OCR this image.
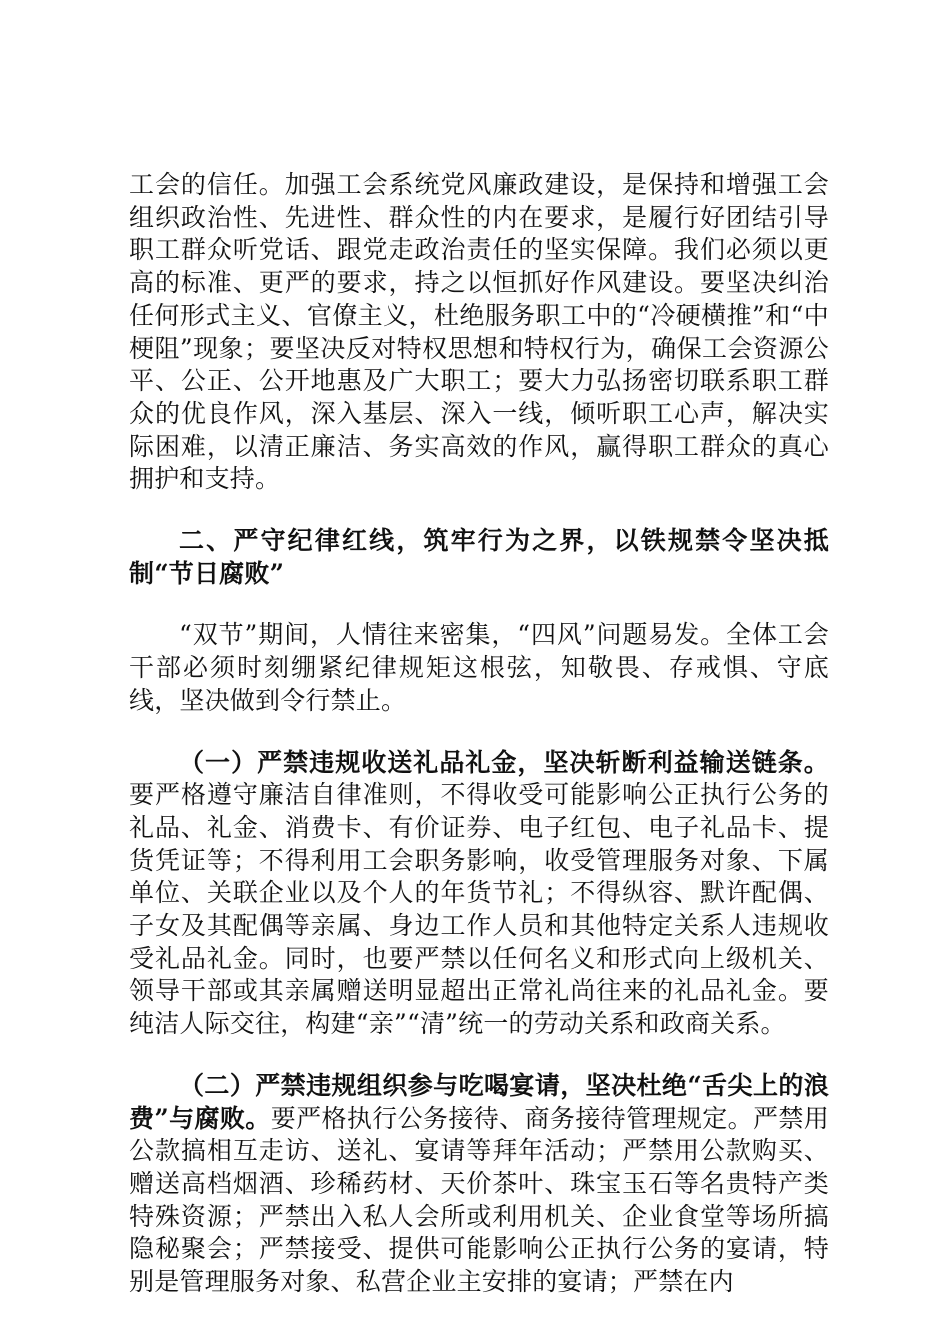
工会的信任。加强工会系统党风廉政建设，是保持和增强工会组织政治性、先进性、群众性的内在要求，是履行好团结引导职工群众听党话、跟党走政治责任的坚实保障。我们必须以更高的标准、更严的要求，持之以恒抓好作风建设。要坚决纠治任何形式主义、官僚主义，杜绝服务职工中的“冷硬横推”和“中梗阻”现象；要坚决反对特权思想和特权行为，确保工会资源公平、公正、公开地惠及广大职工；要大力弘扬密切联系职工群众的优良作风，深入基层、深入一线，倾听职工心声，解决实际困难，以清正廉洁、务实高效的作风，赢得职工群众的真心拥护和支持。

二、严守纪律红线，筑牢行为之界，以铁规禁令坚决抵制“节日腐败”

“双节”期间，人情往来密集，“四风”问题易发。全体工会干部必须时刻绷紧纪律规矩这根弦，知敬畏、存戒惧、守底线，坚决做到令行禁止。

（一）严禁违规收送礼品礼金，坚决斩断利益输送链条。要严格遵守廉洁自律准则，不得收受可能影响公正执行公务的礼品、礼金、消费卡、有价证券、电子红包、电子礼品卡、提货凭证等；不得利用工会职务影响，收受管理服务对象、下属单位、关联企业以及个人的年货节礼；不得纵容、默许配偶、子女及其配偶等亲属、身边工作人员和其他特定关系人违规收受礼品礼金。同时，也要严禁以任何名义和形式向上级机关、领导干部或其亲属赠送明显超出正常礼尚往来的礼品礼金。要纯洁人际交往，构建“亲”“清”统一的劳动关系和政商关系。

（二）严禁违规组织参与吃喝宴请，坚决杜绝“舌尖上的浪费”与腐败。要严格执行公务接待、商务接待管理规定。严禁用公款搞相互走访、送礼、宴请等拜年活动；严禁用公款购买、赠送高档烟酒、珍稀药材、天价茶叶、珠宝玉石等名贵特产类特殊资源；严禁出入私人会所或利用机关、企业食堂等场所搞隐秘聚会；严禁接受、提供可能影响公正执行公务的宴请，特别是管理服务对象、私营企业主安排的宴请；严禁在内
